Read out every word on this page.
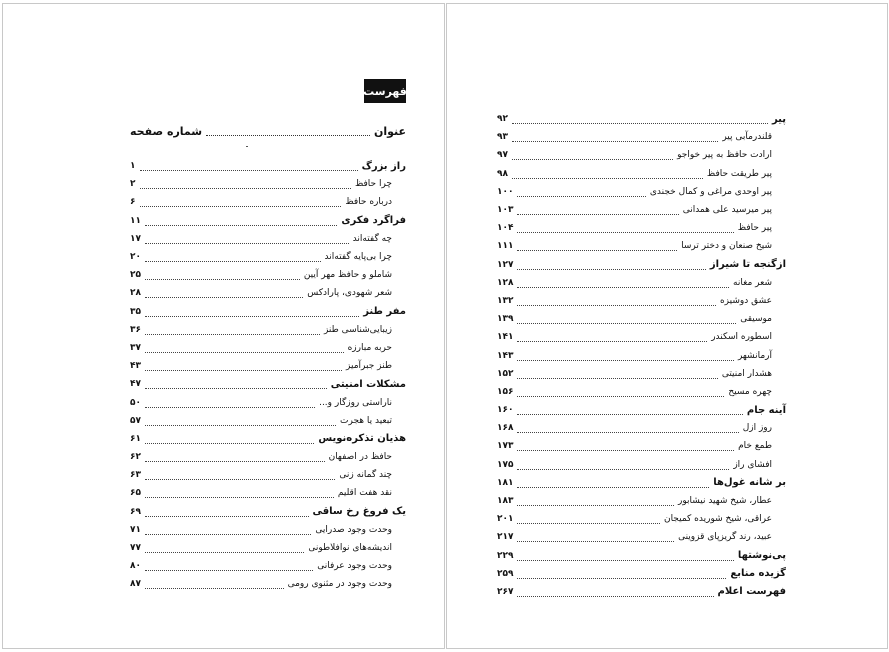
فهرست
عنوان
شماره صفحه
راز بزرگ
۱
چرا حافظ
۲
درباره حافظ
۶
فراگرد فکری
۱۱
چه گفته‌اند
۱۷
چرا بی‌پایه گفته‌اند
۲۰
شاملو و حافظ مهر آیین
۲۵
شعر شهودی، پارادکس
۲۸
مفر طنز
۳۵
زیبایی‌شناسی طنز
۳۶
حربه مبارزه
۳۷
طنز جبرآمیز
۴۳
مشکلات امنیتی
۴۷
ناراستی روزگار و...
۵۰
تبعید یا هجرت
۵۷
هذیان تذکره‌نویس
۶۱
حافظ در اصفهان
۶۲
چند گمانه زنی
۶۳
نقد هفت اقلیم
۶۵
یک فروغ رخ ساقی
۶۹
وحدت وجود صدرایی
۷۱
اندیشه‌های نوافلاطونی
۷۷
وحدت وجود عرفانی
۸۰
وحدت وجود در مثنوی رومی
۸۷
پیر
۹۲
قلندرمآبی پیر
۹۳
ارادت حافظ به پیر خواجو
۹۷
پیر طریقت حافظ
۹۸
پیر اوحدی مراغی و کمال خجندی
۱۰۰
پیر میرسید علی همدانی
۱۰۳
پیر حافظ
۱۰۴
شیخ صنعان و دختر ترسا
۱۱۱
ازگنجه تا شیراز
۱۲۷
شعر مغانه
۱۲۸
عشق دوشیزه
۱۳۲
موسیقی
۱۳۹
اسطوره اسکندر
۱۴۱
آرمانشهر
۱۴۳
هشدار امنیتی
۱۵۲
چهره مسیح
۱۵۶
آینه جام
۱۶۰
روز ازل
۱۶۸
طمع خام
۱۷۳
افشای راز
۱۷۵
بر شانه غول‌ها
۱۸۱
عطار، شیخ شهید نیشابور
۱۸۳
عراقی، شیخ شوریده کمیجان
۲۰۱
عبید، رند گریزپای قزوینی
۲۱۷
پی‌نوشتها
۲۲۹
گزیده منابع
۲۵۹
فهرست اعلام
۲۶۷
